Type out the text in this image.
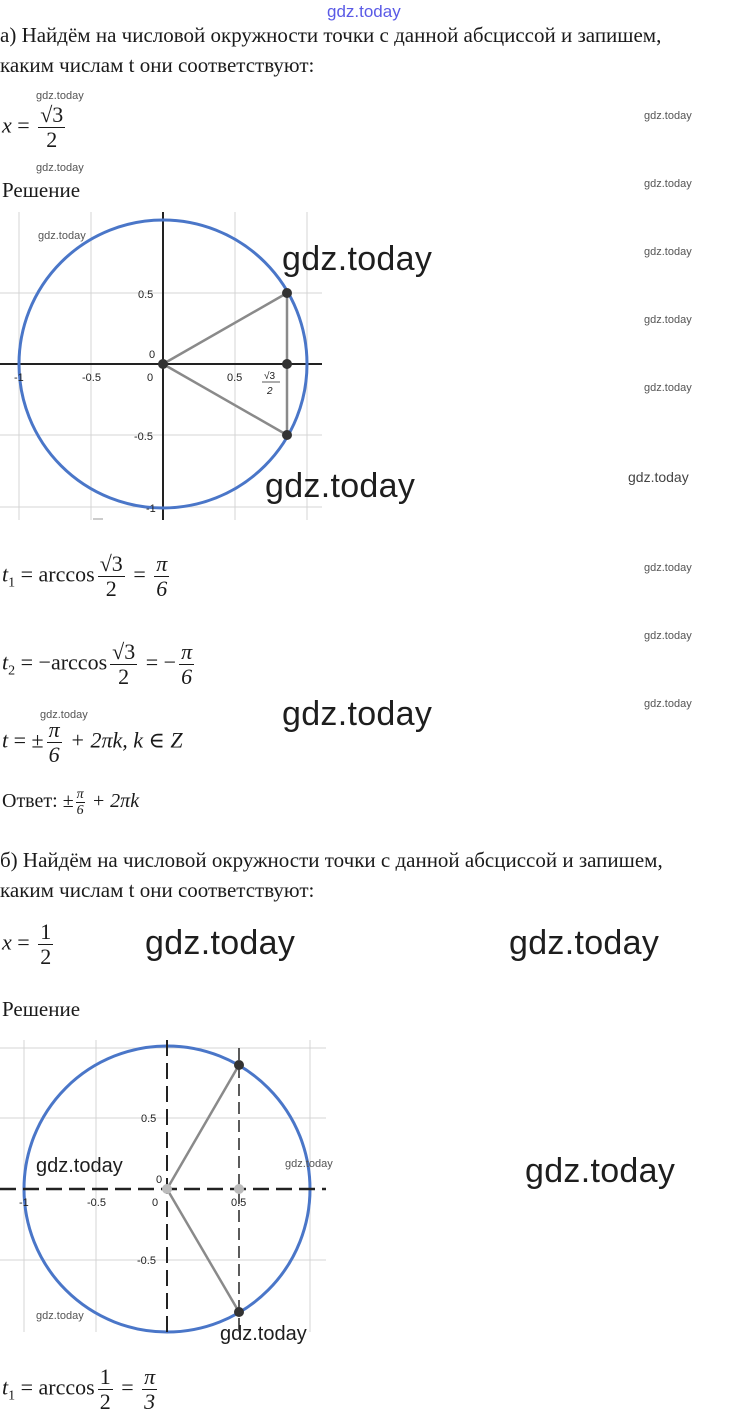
gdz.today
а) Найдём на числовой окружности точки с данной абсциссой и запишем,
каким числам t они соответствуют:
$x = \frac{√3}{2}$
Решение
0
-1	-0.5	0	0.5 √3
2
0.5
-0.5
-1
$t_1 = \arccos \frac{√3}{2} = \frac{\pi}{6}$
$t_2 = -\arccos \frac{√3}{2}$ = − $\frac{\pi}{6}$
t = ± $\frac{\pi}{6} + 2\pi k$, k ∈ Z
Ответ: ± $\frac{\pi}{6} + 2\pi k$
б) Найдём на числовой окружности точки с данной абсциссой и запишем,
каким числам t они соответствуют:
$x = \frac{1}{2}$
Решение
0
-1	-0.5	0	0.5
0.5
-0.5
$t_1 = \arccos \frac{1}{2} = \frac{\pi}{3}$
gdz.today
gdz.today
gdz.today
gdz.today
gdz.today
gdz.today
gdz.today
gdz.today
gdz.today
gdz.today
gdz.today
gdz.today
gdz.today
gdz.today
gdz.today
gdz.today
gdz.today
gdz.today
gdz.today
gdz.today
gdz.today	gdz.today
gdz.today
